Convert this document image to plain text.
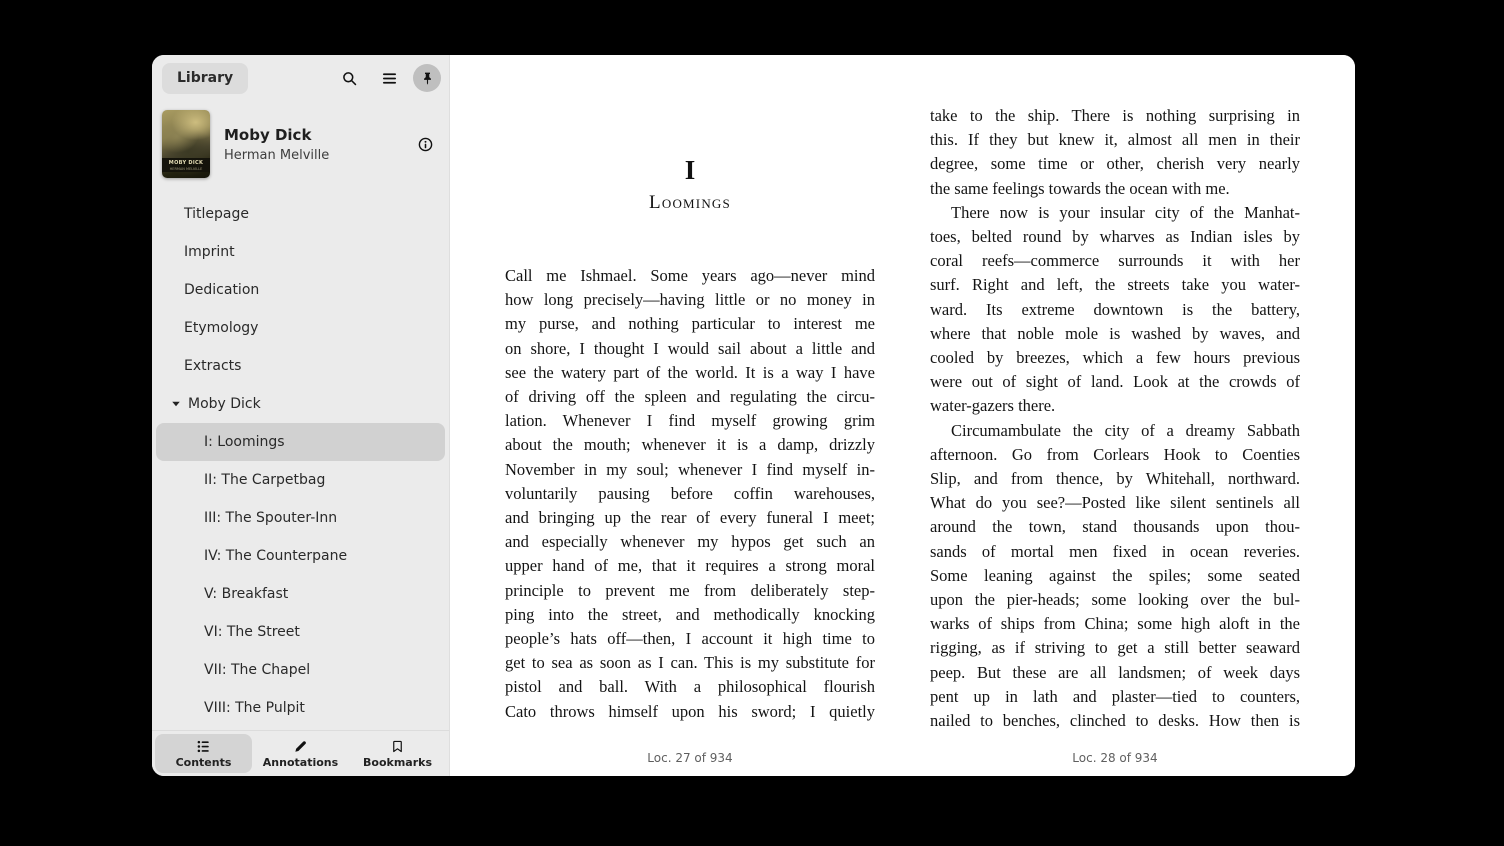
Library
MOBY DICK
HERMAN MELVILLE
Moby Dick
Herman Melville
Titlepage
Imprint
Dedication
Etymology
Extracts
Moby Dick
I: Loomings
II: The Carpetbag
III: The Spouter-Inn
IV: The Counterpane
V: Breakfast
VI: The Street
VII: The Chapel
VIII: The Pulpit
Contents	Annotations Bookmarks
I
Loomings
Call me Ishmael. Some years ago—never mind
how long precisely—having little or no money in
my purse, and nothing particular to interest me
on shore, I thought I would sail about a little and
see the watery part of the world. It is a way I have
of driving off the spleen and regulating the circu-
lation. Whenever I find myself growing grim
about the mouth; whenever it is a damp, drizzly
November in my soul; whenever I find myself in-
voluntarily pausing before coffin warehouses,
and bringing up the rear of every funeral I meet;
and especially whenever my hypos get such an
upper hand of me, that it requires a strong moral
principle to prevent me from deliberately step-
ping into the street, and methodically knocking
people’s hats off—then, I account it high time to
get to sea as soon as I can. This is my substitute for
pistol and ball. With a philosophical flourish
Cato throws himself upon his sword; I quietly
Loc. 27 of 934
take to the ship. There is nothing surprising in
this. If they but knew it, almost all men in their
degree, some time or other, cherish very nearly
the same feelings towards the ocean with me.
There now is your insular city of the Manhat-
toes, belted round by wharves as Indian isles by
coral reefs—commerce surrounds it with her
surf. Right and left, the streets take you water-
ward. Its extreme downtown is the battery,
where that noble mole is washed by waves, and
cooled by breezes, which a few hours previous
were out of sight of land. Look at the crowds of
water-gazers there.
Circumambulate the city of a dreamy Sabbath
afternoon. Go from Corlears Hook to Coenties
Slip, and from thence, by Whitehall, northward.
What do you see?—Posted like silent sentinels all
around the town, stand thousands upon thou-
sands of mortal men fixed in ocean reveries.
Some leaning against the spiles; some seated
upon the pier-heads; some looking over the bul-
warks of ships from China; some high aloft in the
rigging, as if striving to get a still better seaward
peep. But these are all landsmen; of week days
pent up in lath and plaster—tied to counters,
nailed to benches, clinched to desks. How then is
Loc. 28 of 934
